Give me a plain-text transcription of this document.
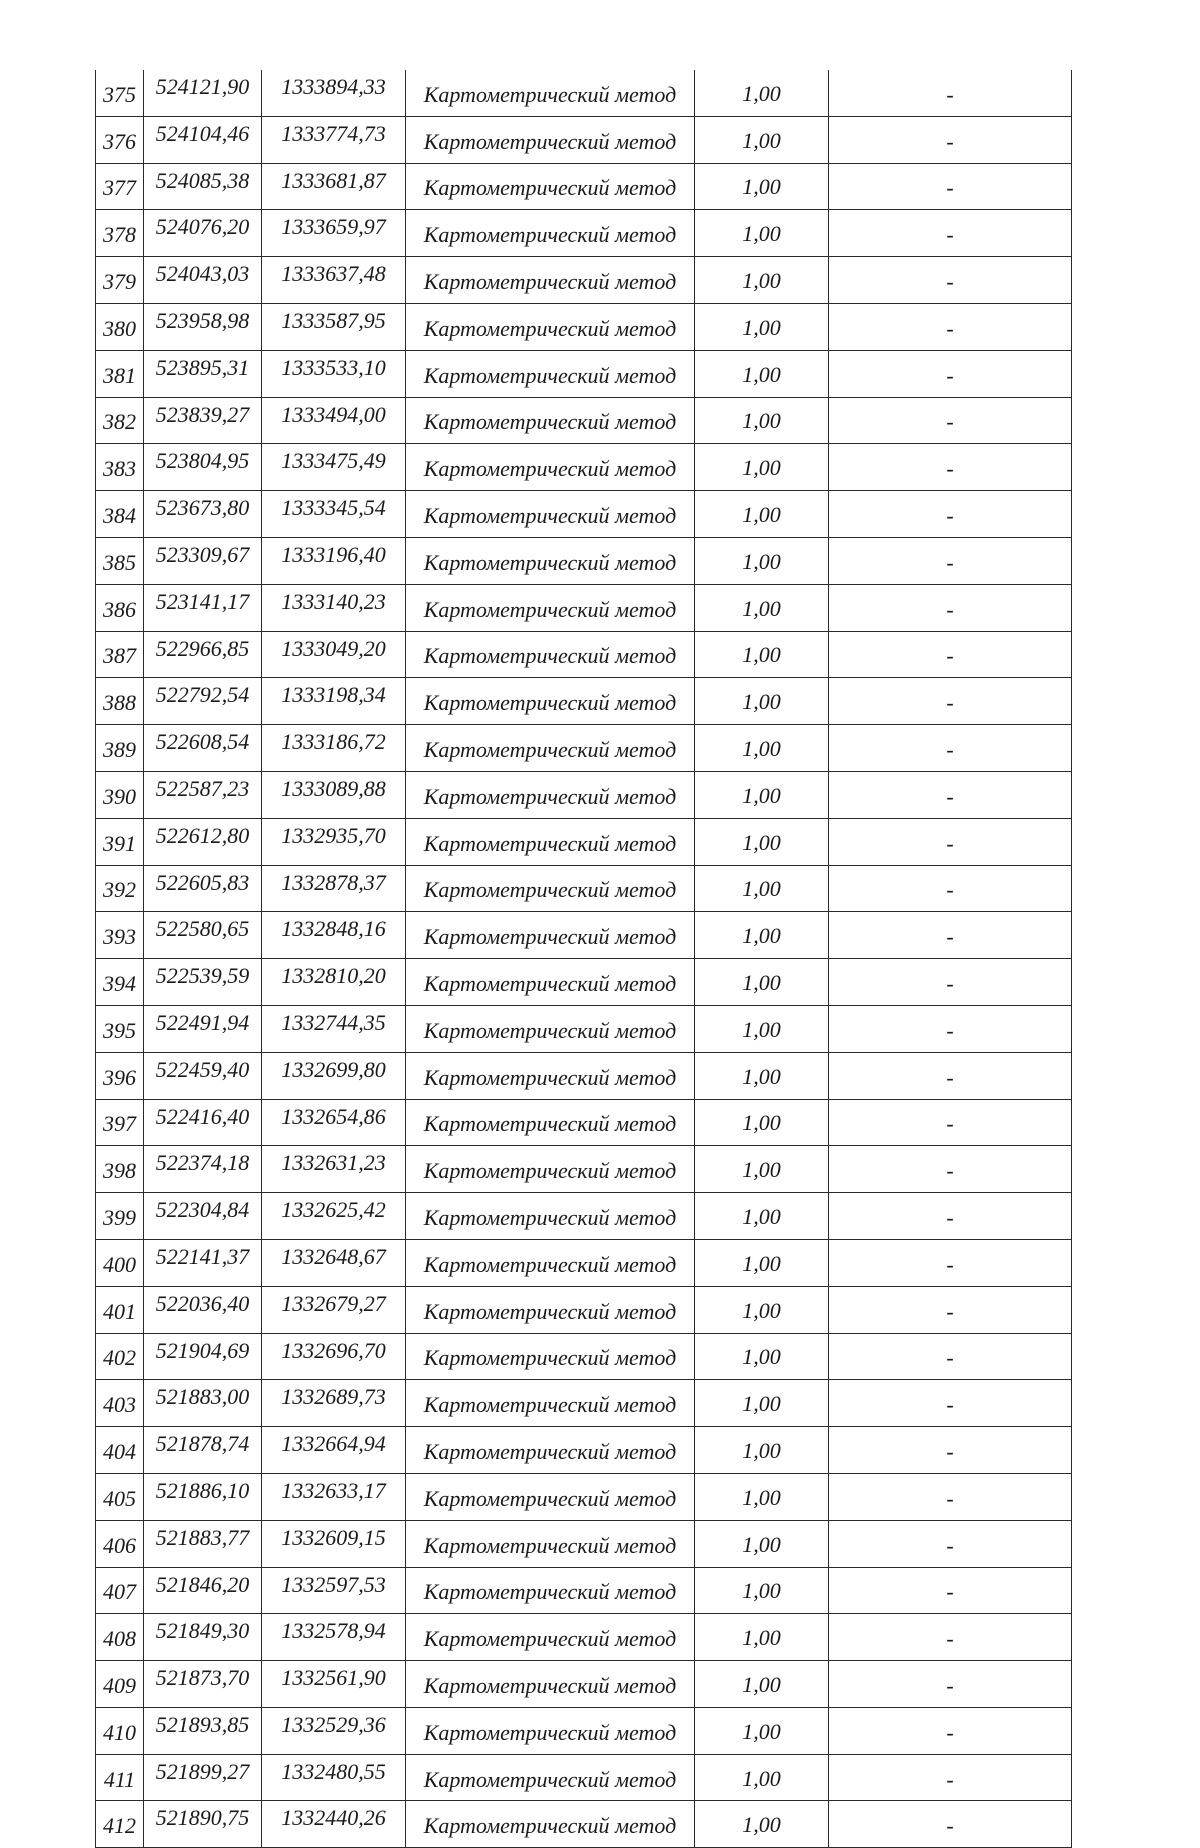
375	524121,90	1333894,33	Картометрический метод	1,00	-
376	524104,46	1333774,73	Картометрический метод	1,00	-
377	524085,38	1333681,87	Картометрический метод	1,00	-
378	524076,20	1333659,97	Картометрический метод	1,00	-
379	524043,03	1333637,48	Картометрический метод	1,00	-
380	523958,98	1333587,95	Картометрический метод	1,00	-
381	523895,31	1333533,10	Картометрический метод	1,00	-
382	523839,27	1333494,00	Картометрический метод	1,00	-
383	523804,95	1333475,49	Картометрический метод	1,00	-
384	523673,80	1333345,54	Картометрический метод	1,00	-
385	523309,67	1333196,40	Картометрический метод	1,00	-
386	523141,17	1333140,23	Картометрический метод	1,00	-
387	522966,85	1333049,20	Картометрический метод	1,00	-
388	522792,54	1333198,34	Картометрический метод	1,00	-
389	522608,54	1333186,72	Картометрический метод	1,00	-
390	522587,23	1333089,88	Картометрический метод	1,00	-
391	522612,80	1332935,70	Картометрический метод	1,00	-
392	522605,83	1332878,37	Картометрический метод	1,00	-
393	522580,65	1332848,16	Картометрический метод	1,00	-
394	522539,59	1332810,20	Картометрический метод	1,00	-
395	522491,94	1332744,35	Картометрический метод	1,00	-
396	522459,40	1332699,80	Картометрический метод	1,00	-
397	522416,40	1332654,86	Картометрический метод	1,00	-
398	522374,18	1332631,23	Картометрический метод	1,00	-
399	522304,84	1332625,42	Картометрический метод	1,00	-
400	522141,37	1332648,67	Картометрический метод	1,00	-
401	522036,40	1332679,27	Картометрический метод	1,00	-
402	521904,69	1332696,70	Картометрический метод	1,00	-
403	521883,00	1332689,73	Картометрический метод	1,00	-
404	521878,74	1332664,94	Картометрический метод	1,00	-
405	521886,10	1332633,17	Картометрический метод	1,00	-
406	521883,77	1332609,15	Картометрический метод	1,00	-
407	521846,20	1332597,53	Картометрический метод	1,00	-
408	521849,30	1332578,94	Картометрический метод	1,00	-
409	521873,70	1332561,90	Картометрический метод	1,00	-
410	521893,85	1332529,36	Картометрический метод	1,00	-
411	521899,27	1332480,55	Картометрический метод	1,00	-
412	521890,75	1332440,26	Картометрический метод	1,00	-
